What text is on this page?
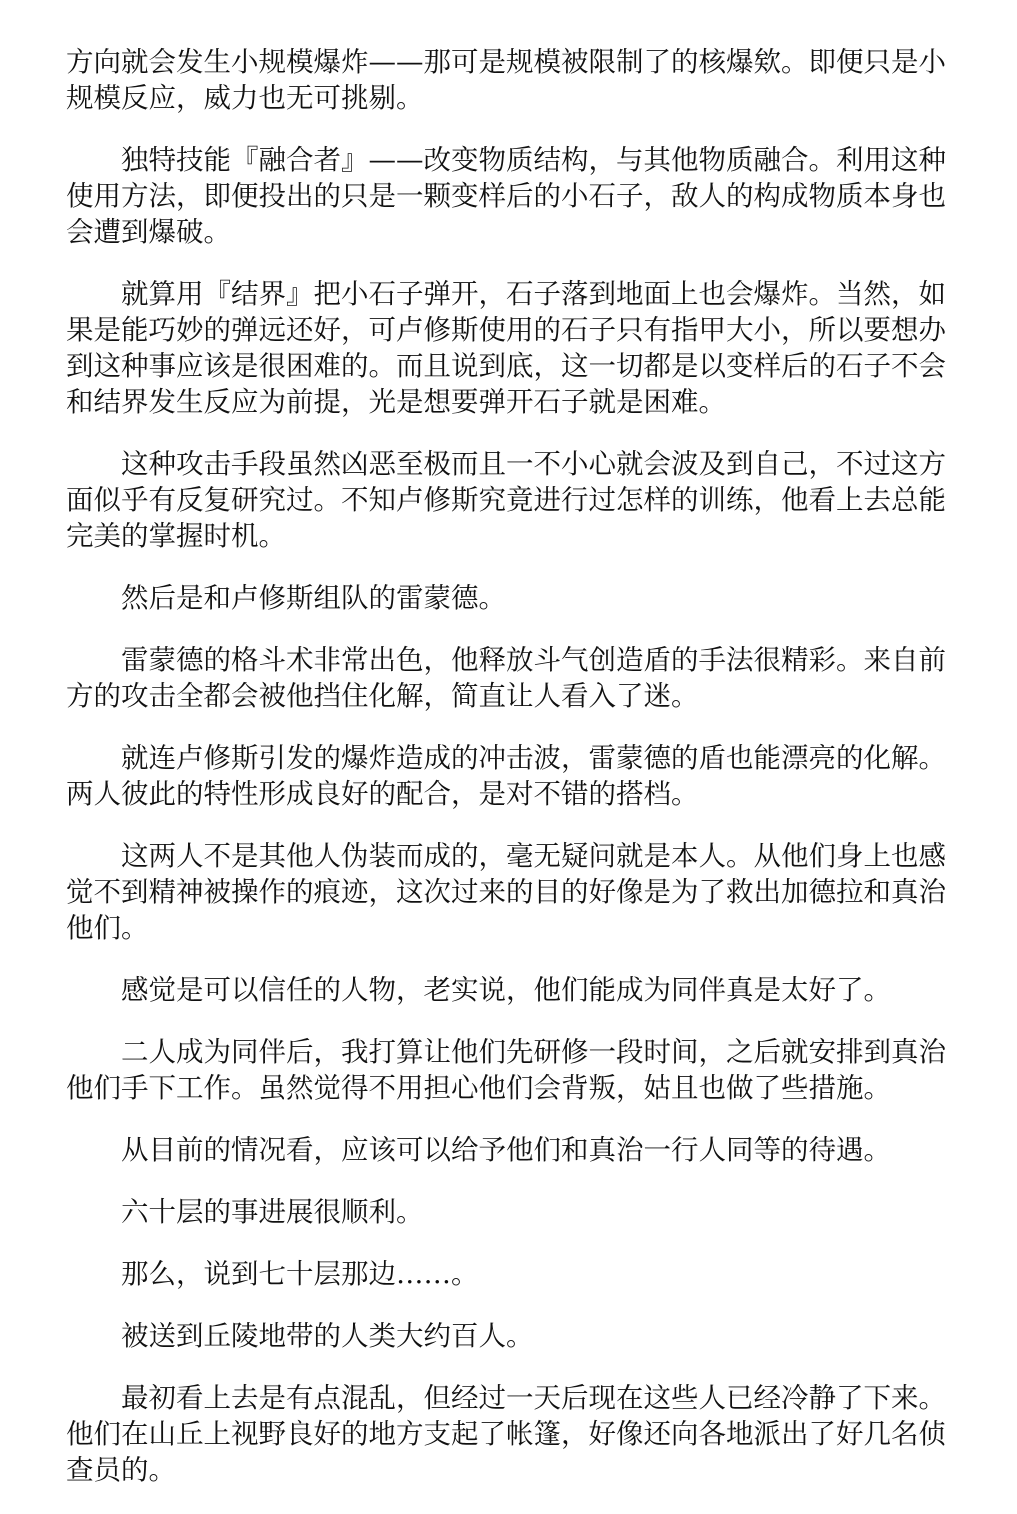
方向就会发生小规模爆炸——那可是规模被限制了的核爆欸。即便只是小规模反应，威力也无可挑剔。

独特技能『融合者』——改变物质结构，与其他物质融合。利用这种使用方法，即便投出的只是一颗变样后的小石子，敌人的构成物质本身也会遭到爆破。

就算用『结界』把小石子弹开，石子落到地面上也会爆炸。当然，如果是能巧妙的弹远还好，可卢修斯使用的石子只有指甲大小，所以要想办到这种事应该是很困难的。而且说到底，这一切都是以变样后的石子不会和结界发生反应为前提，光是想要弹开石子就是困难。

这种攻击手段虽然凶恶至极而且一不小心就会波及到自己，不过这方面似乎有反复研究过。不知卢修斯究竟进行过怎样的训练，他看上去总能完美的掌握时机。

然后是和卢修斯组队的雷蒙德。

雷蒙德的格斗术非常出色，他释放斗气创造盾的手法很精彩。来自前方的攻击全都会被他挡住化解，简直让人看入了迷。

就连卢修斯引发的爆炸造成的冲击波，雷蒙德的盾也能漂亮的化解。两人彼此的特性形成良好的配合，是对不错的搭档。

这两人不是其他人伪装而成的，毫无疑问就是本人。从他们身上也感觉不到精神被操作的痕迹，这次过来的目的好像是为了救出加德拉和真治他们。

感觉是可以信任的人物，老实说，他们能成为同伴真是太好了。

二人成为同伴后，我打算让他们先研修一段时间，之后就安排到真治他们手下工作。虽然觉得不用担心他们会背叛，姑且也做了些措施。

从目前的情况看，应该可以给予他们和真治一行人同等的待遇。

六十层的事进展很顺利。

那么，说到七十层那边……。

被送到丘陵地带的人类大约百人。

最初看上去是有点混乱，但经过一天后现在这些人已经冷静了下来。他们在山丘上视野良好的地方支起了帐篷，好像还向各地派出了好几名侦查员的。
